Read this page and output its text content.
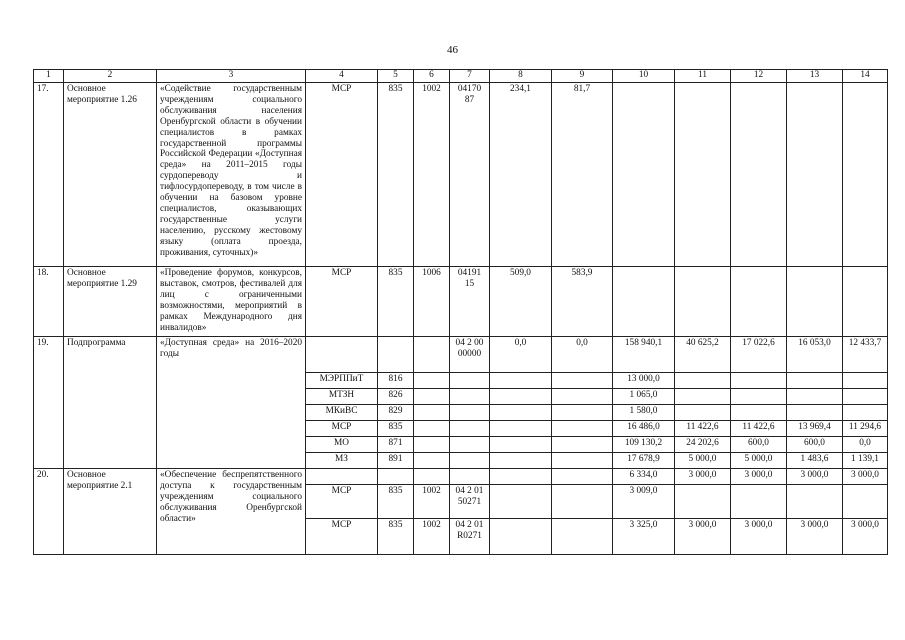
46
1	2	3	4	5	6	7	8	9	10	11	12	13	14
17.	Основное мероприятие 1.26	«Содействие государственным учреждениям социального обслуживания населения Оренбургской области в обучении специалистов в рамках государственной программы Российской Федерации «Доступная среда» на 2011–2015 годы сурдопереводу и тифлосурдопереводу, в том числе в обучении на базовом уровне специалистов, оказывающих государственные услуги населению, русскому жестовому языку (оплата проезда, проживания, суточных)»	МСР	835	1002	04170 87	234,1	81,7					
18.	Основное мероприятие 1.29	«Проведение форумов, конкурсов, выставок, смотров, фестивалей для лиц с ограниченными возможностями, мероприятий в рамках Международного дня инвалидов»	МСР	835	1006	04191 15	509,0	583,9					
19.	Подпрограмма	«Доступная среда» на 2016–2020 годы				04 2 00 00000	0,0	0,0	158 940,1	40 625,2	17 022,6	16 053,0	12 433,7
			МЭРППиТ	816					13 000,0				
			МТЗН	826					1 065,0				
			МКиВС	829					1 580,0				
			МСР	835					16 486,0	11 422,6	11 422,6	13 969,4	11 294,6
			МО	871					109 130,2	24 202,6	600,0	600,0	0,0
			МЗ	891					17 678,9	5 000,0	5 000,0	1 483,6	1 139,1
20.	Основное мероприятие 2.1	«Обеспечение беспрепятственного доступа к государственным учреждениям социального обслуживания Оренбургской области»							6 334,0	3 000,0	3 000,0	3 000,0	3 000,0
			МСР	835	1002	04 2 01 50271			3 009,0				
			МСР	835	1002	04 2 01 R0271			3 325,0	3 000,0	3 000,0	3 000,0	3 000,0
